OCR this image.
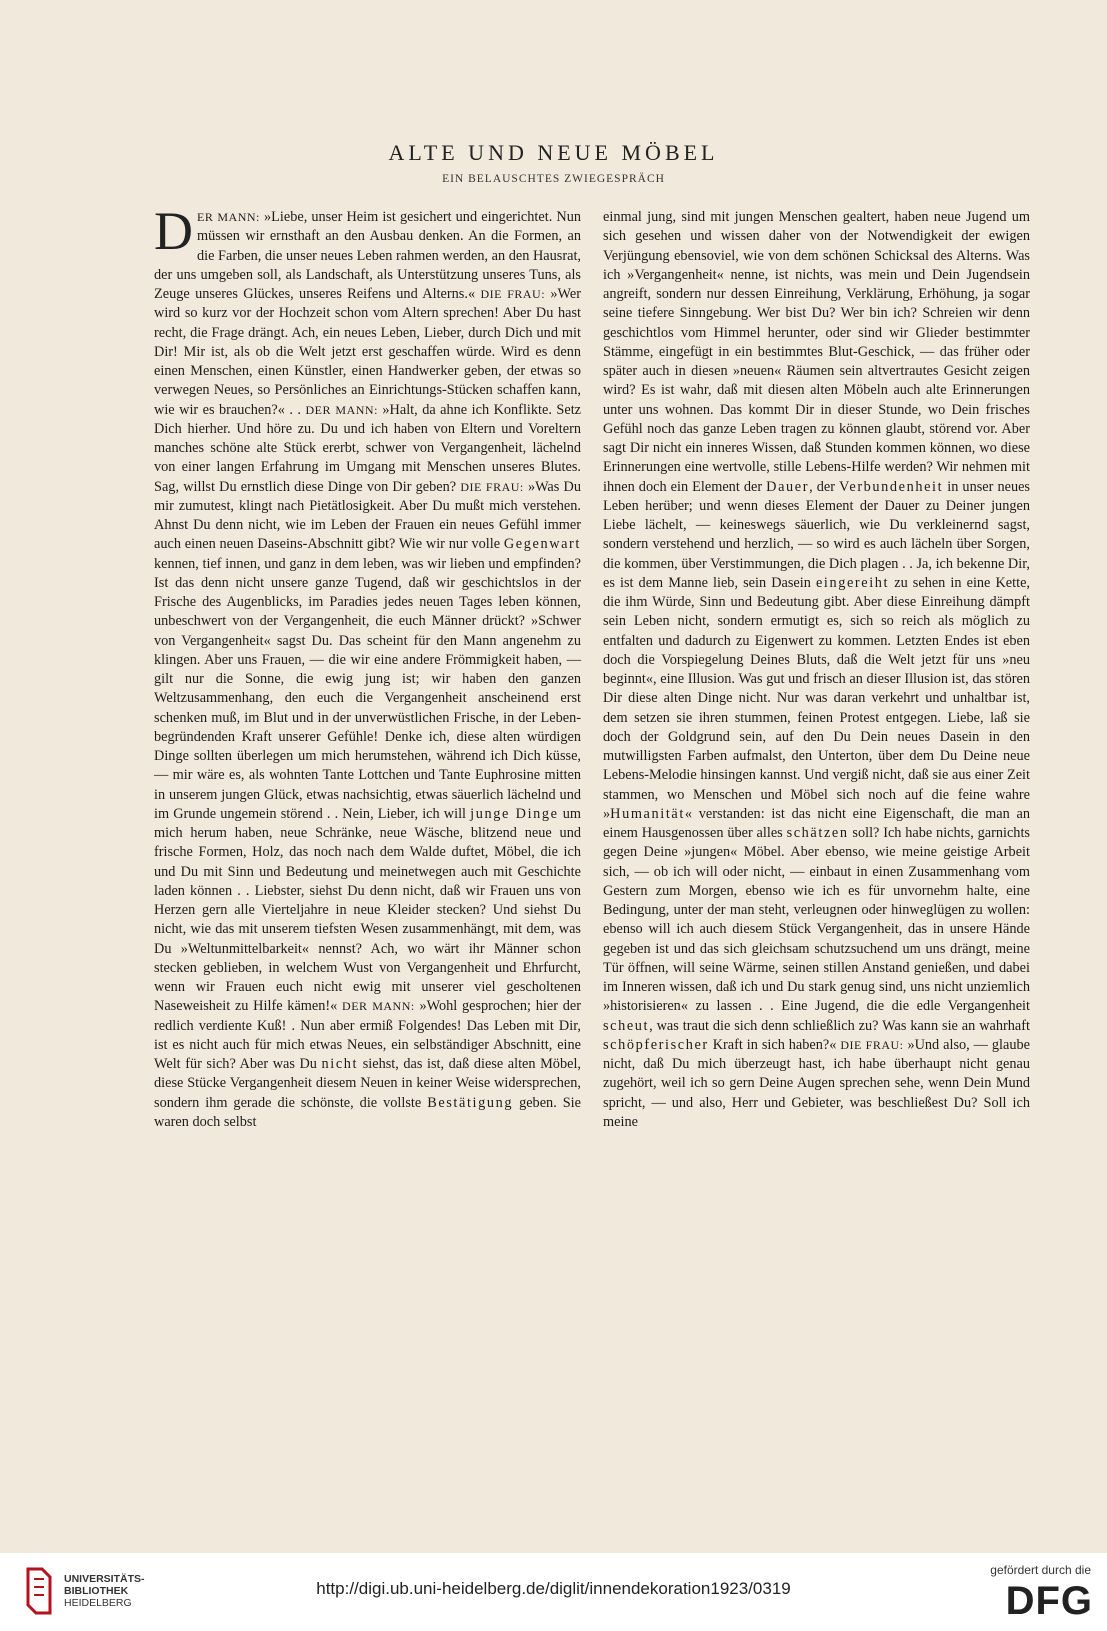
ALTE UND NEUE MÖBEL
EIN BELAUSCHTES ZWIEGESPRÄCH

DER MANN: »Liebe, unser Heim ist gesichert und eingerichtet. Nun müssen wir ernsthaft an den Ausbau denken. An die Formen, an die Farben, die unser neues Leben rahmen werden, an den Hausrat, der uns umgeben soll, als Landschaft, als Unterstützung unseres Tuns, als Zeuge unseres Glückes, unseres Reifens und Alterns.« DIE FRAU: »Wer wird so kurz vor der Hochzeit schon vom Altern sprechen! Aber Du hast recht, die Frage drängt. Ach, ein neues Leben, Lieber, durch Dich und mit Dir! Mir ist, als ob die Welt jetzt erst geschaffen würde. Wird es denn einen Menschen, einen Künstler, einen Handwerker geben, der etwas so verwegen Neues, so Persönliches an Einrichtungs-Stücken schaffen kann, wie wir es brauchen?« . . DER MANN: »Halt, da ahne ich Konflikte. Setz Dich hierher. Und höre zu. Du und ich haben von Eltern und Voreltern manches schöne alte Stück ererbt, schwer von Vergangenheit, lächelnd von einer langen Erfahrung im Umgang mit Menschen unseres Blutes. Sag, willst Du ernstlich diese Dinge von Dir geben? DIE FRAU: »Was Du mir zumutest, klingt nach Pietätlosigkeit. Aber Du mußt mich verstehen. Ahnst Du denn nicht, wie im Leben der Frauen ein neues Gefühl immer auch einen neuen Daseins-Abschnitt gibt? Wie wir nur volle Gegenwart kennen, tief innen, und ganz in dem leben, was wir lieben und empfinden? Ist das denn nicht unsere ganze Tugend, daß wir geschichtslos in der Frische des Augenblicks, im Paradies jedes neuen Tages leben können, unbeschwert von der Vergangenheit, die euch Männer drückt? »Schwer von Vergangenheit« sagst Du. Das scheint für den Mann angenehm zu klingen. Aber uns Frauen, — die wir eine andere Frömmigkeit haben, — gilt nur die Sonne, die ewig jung ist; wir haben den ganzen Weltzusammenhang, den euch die Vergangenheit anscheinend erst schenken muß, im Blut und in der unverwüstlichen Frische, in der Leben-begründenden Kraft unserer Gefühle! Denke ich, diese alten würdigen Dinge sollten überlegen um mich herumstehen, während ich Dich küsse, — mir wäre es, als wohnten Tante Lottchen und Tante Euphrosine mitten in unserem jungen Glück, etwas nachsichtig, etwas säuerlich lächelnd und im Grunde ungemein störend . . Nein, Lieber, ich will junge Dinge um mich herum haben, neue Schränke, neue Wäsche, blitzend neue und frische Formen, Holz, das noch nach dem Walde duftet, Möbel, die ich und Du mit Sinn und Bedeutung und meinetwegen auch mit Geschichte laden können . . Liebster, siehst Du denn nicht, daß wir Frauen uns von Herzen gern alle Vierteljahre in neue Kleider stecken? Und siehst Du nicht, wie das mit unserem tiefsten Wesen zusammenhängt, mit dem, was Du »Weltunmittelbarkeit« nennst? Ach, wo wärt ihr Männer schon stecken geblieben, in welchem Wust von Vergangenheit und Ehrfurcht, wenn wir Frauen euch nicht ewig mit unserer viel gescholtenen Naseweisheit zu Hilfe kämen!« DER MANN: »Wohl gesprochen; hier der redlich verdiente Kuß! . Nun aber ermiß Folgendes! Das Leben mit Dir, ist es nicht auch für mich etwas Neues, ein selbständiger Abschnitt, eine Welt für sich? Aber was Du nicht siehst, das ist, daß diese alten Möbel, diese Stücke Vergangenheit diesem Neuen in keiner Weise widersprechen, sondern ihm gerade die schönste, die vollste Bestätigung geben. Sie waren doch selbst

einmal jung, sind mit jungen Menschen gealtert, haben neue Jugend um sich gesehen und wissen daher von der Notwendigkeit der ewigen Verjüngung ebensoviel, wie von dem schönen Schicksal des Alterns. Was ich »Vergangenheit« nenne, ist nichts, was mein und Dein Jugendsein angreift, sondern nur dessen Einreihung, Verklärung, Erhöhung, ja sogar seine tiefere Sinngebung. Wer bist Du? Wer bin ich? Schreien wir denn geschichtlos vom Himmel herunter, oder sind wir Glieder bestimmter Stämme, eingefügt in ein bestimmtes Blut-Geschick, — das früher oder später auch in diesen »neuen« Räumen sein altvertrautes Gesicht zeigen wird? Es ist wahr, daß mit diesen alten Möbeln auch alte Erinnerungen unter uns wohnen. Das kommt Dir in dieser Stunde, wo Dein frisches Gefühl noch das ganze Leben tragen zu können glaubt, störend vor. Aber sagt Dir nicht ein inneres Wissen, daß Stunden kommen können, wo diese Erinnerungen eine wertvolle, stille Lebens-Hilfe werden? Wir nehmen mit ihnen doch ein Element der Dauer, der Verbundenheit in unser neues Leben herüber; und wenn dieses Element der Dauer zu Deiner jungen Liebe lächelt, — keineswegs säuerlich, wie Du verkleinernd sagst, sondern verstehend und herzlich, — so wird es auch lächeln über Sorgen, die kommen, über Verstimmungen, die Dich plagen . . Ja, ich bekenne Dir, es ist dem Manne lieb, sein Dasein eingereiht zu sehen in eine Kette, die ihm Würde, Sinn und Bedeutung gibt. Aber diese Einreihung dämpft sein Leben nicht, sondern ermutigt es, sich so reich als möglich zu entfalten und dadurch zu Eigenwert zu kommen. Letzten Endes ist eben doch die Vorspiegelung Deines Bluts, daß die Welt jetzt für uns »neu beginnt«, eine Illusion. Was gut und frisch an dieser Illusion ist, das stören Dir diese alten Dinge nicht. Nur was daran verkehrt und unhaltbar ist, dem setzen sie ihren stummen, feinen Protest entgegen. Liebe, laß sie doch der Goldgrund sein, auf den Du Dein neues Dasein in den mutwilligsten Farben aufmalst, den Unterton, über dem Du Deine neue Lebens-Melodie hinsingen kannst. Und vergiß nicht, daß sie aus einer Zeit stammen, wo Menschen und Möbel sich noch auf die feine wahre »Humanität« verstanden: ist das nicht eine Eigenschaft, die man an einem Hausgenossen über alles schätzen soll? Ich habe nichts, garnichts gegen Deine »jungen« Möbel. Aber ebenso, wie meine geistige Arbeit sich, — ob ich will oder nicht, — einbaut in einen Zusammenhang vom Gestern zum Morgen, ebenso wie ich es für unvornehm halte, eine Bedingung, unter der man steht, verleugnen oder hinweglügen zu wollen: ebenso will ich auch diesem Stück Vergangenheit, das in unsere Hände gegeben ist und das sich gleichsam schutzsuchend um uns drängt, meine Tür öffnen, will seine Wärme, seinen stillen Anstand genießen, und dabei im Inneren wissen, daß ich und Du stark genug sind, uns nicht unziemlich »historisieren« zu lassen . . Eine Jugend, die die edle Vergangenheit scheut, was traut die sich denn schließlich zu? Was kann sie an wahrhaft schöpferischer Kraft in sich haben?« DIE FRAU: »Und also, — glaube nicht, daß Du mich überzeugt hast, ich habe überhaupt nicht genau zugehört, weil ich so gern Deine Augen sprechen sehe, wenn Dein Mund spricht, — und also, Herr und Gebieter, was beschließest Du? Soll ich meine

UNIVERSITÄTS-
BIBLIOTHEK
HEIDELBERG
http://digi.ub.uni-heidelberg.de/diglit/innendekoration1923/0319
gefördert durch die
DFG
